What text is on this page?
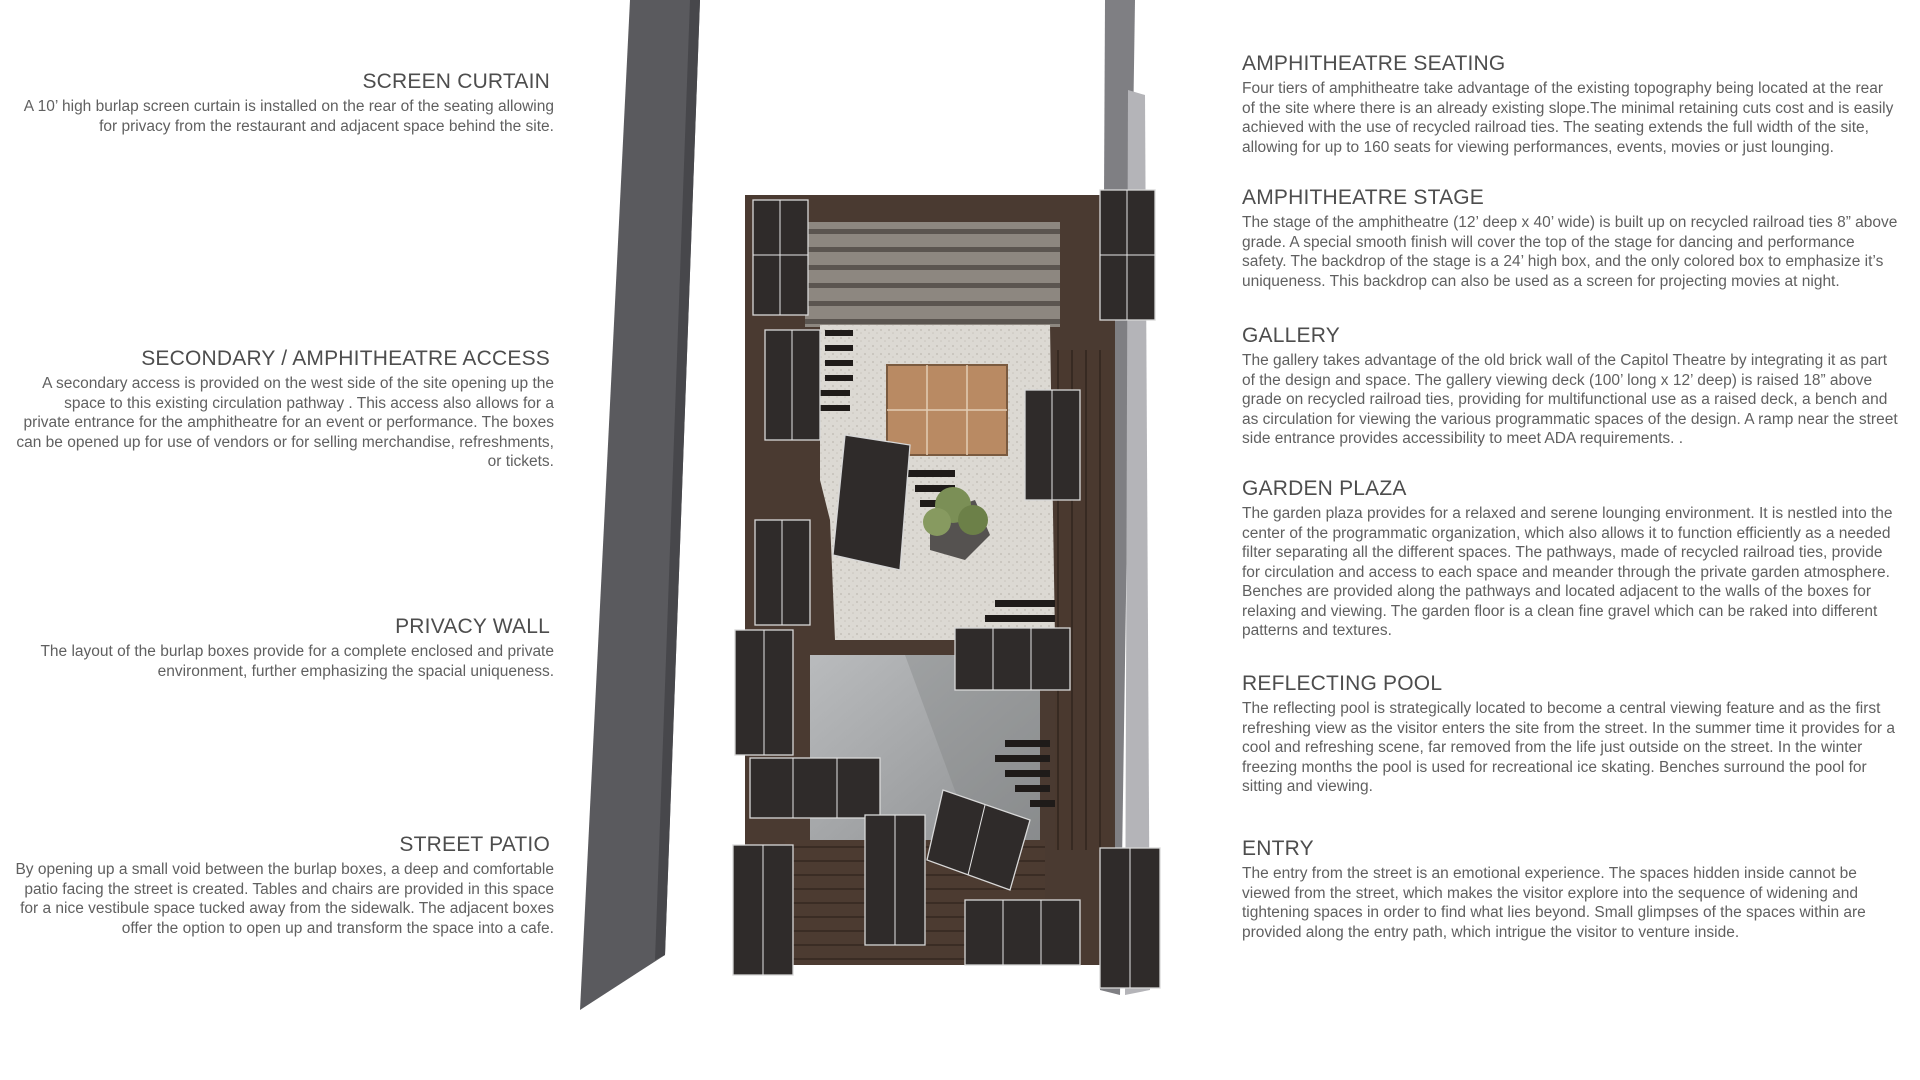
SCREEN CURTAIN

A 10’ high burlap screen curtain is installed on the rear of the seating allowing for privacy from the restaurant and adjacent space behind the site.

SECONDARY / AMPHITHEATRE ACCESS

A secondary access is provided on the west side of the site opening up the space to this existing circulation pathway . This access also allows for a private entrance for the amphitheatre for an event or performance. The boxes can be opened up for use of vendors or for selling merchandise, refreshments, or tickets.

PRIVACY WALL

The layout of the burlap boxes provide for a complete enclosed and private environment, further emphasizing the spacial uniqueness.

STREET PATIO

By opening up a small void between the burlap boxes, a deep and comfortable patio facing the street is created. Tables and chairs are provided in this space for a nice vestibule space tucked away from the sidewalk. The adjacent boxes offer the option to open up and transform the space into a cafe.

AMPHITHEATRE SEATING

Four tiers of amphitheatre take advantage of the existing topography being located at the rear of the site where there is an already existing slope.The minimal retaining cuts cost and is easily achieved with the use of recycled railroad ties. The seating extends the full width of the site, allowing for up to 160 seats for viewing performances, events, movies or just lounging.

AMPHITHEATRE STAGE

The stage of the amphitheatre (12’ deep x 40’ wide) is built up on recycled railroad ties 8” above grade. A special smooth finish will cover the top of the stage for dancing and performance safety. The backdrop of the stage is a 24’ high box, and the only colored box to emphasize it’s uniqueness. This backdrop can also be used as a screen for projecting movies at night.

GALLERY

The gallery takes advantage of the old brick wall of the Capitol Theatre by integrating it as part of the design and space. The gallery viewing deck (100’ long x 12’ deep) is raised 18” above grade on recycled railroad ties, providing for multifunctional use as a raised deck, a bench and as circulation for viewing the various programmatic spaces of the design. A ramp near the street side entrance provides accessibility to meet ADA requirements. .

GARDEN PLAZA

The garden plaza provides for a relaxed and serene lounging environment. It is nestled into the center of the programmatic organization, which also allows it to function efficiently as a needed filter separating all the different spaces. The pathways, made of recycled railroad ties, provide for circulation and access to each space and meander through the private garden atmosphere. Benches are provided along the pathways and located adjacent to the walls of the boxes for relaxing and viewing. The garden floor is a clean fine gravel which can be raked into different patterns and textures.

REFLECTING POOL

The reflecting pool is strategically located to become a central viewing feature and as the first refreshing view as the visitor enters the site from the street. In the summer time it provides for a cool and refreshing scene, far removed from the life just outside on the street. In the winter freezing months the pool is used for recreational ice skating. Benches surround the pool for sitting and viewing.

ENTRY

The entry from the street is an emotional experience. The spaces hidden inside cannot be viewed from the street, which makes the visitor explore into the sequence of widening and tightening spaces in order to find what lies beyond. Small glimpses of the spaces within are provided along the entry path, which intrigue the visitor to venture inside.
